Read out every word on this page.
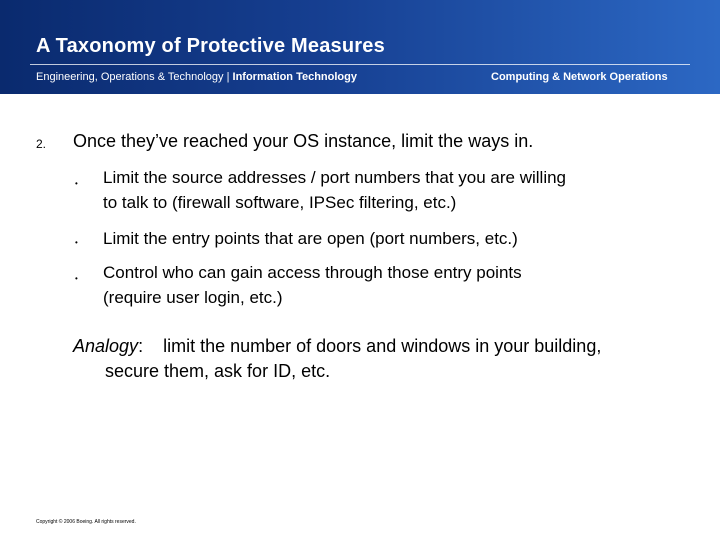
A Taxonomy of Protective Measures
Engineering, Operations & Technology | Information Technology	Computing & Network Operations
2. Once they’ve reached your OS instance, limit the ways in.
• Limit the source addresses / port numbers that you are willing
to talk to (firewall software, IPSec filtering, etc.)
• Limit the entry points that are open (port numbers, etc.)
• Control who can gain access through those entry points
(require user login, etc.)
Analogy: limit the number of doors and windows in your building,
secure them, ask for ID, etc.
Copyright © 2006 Boeing. All rights reserved.
